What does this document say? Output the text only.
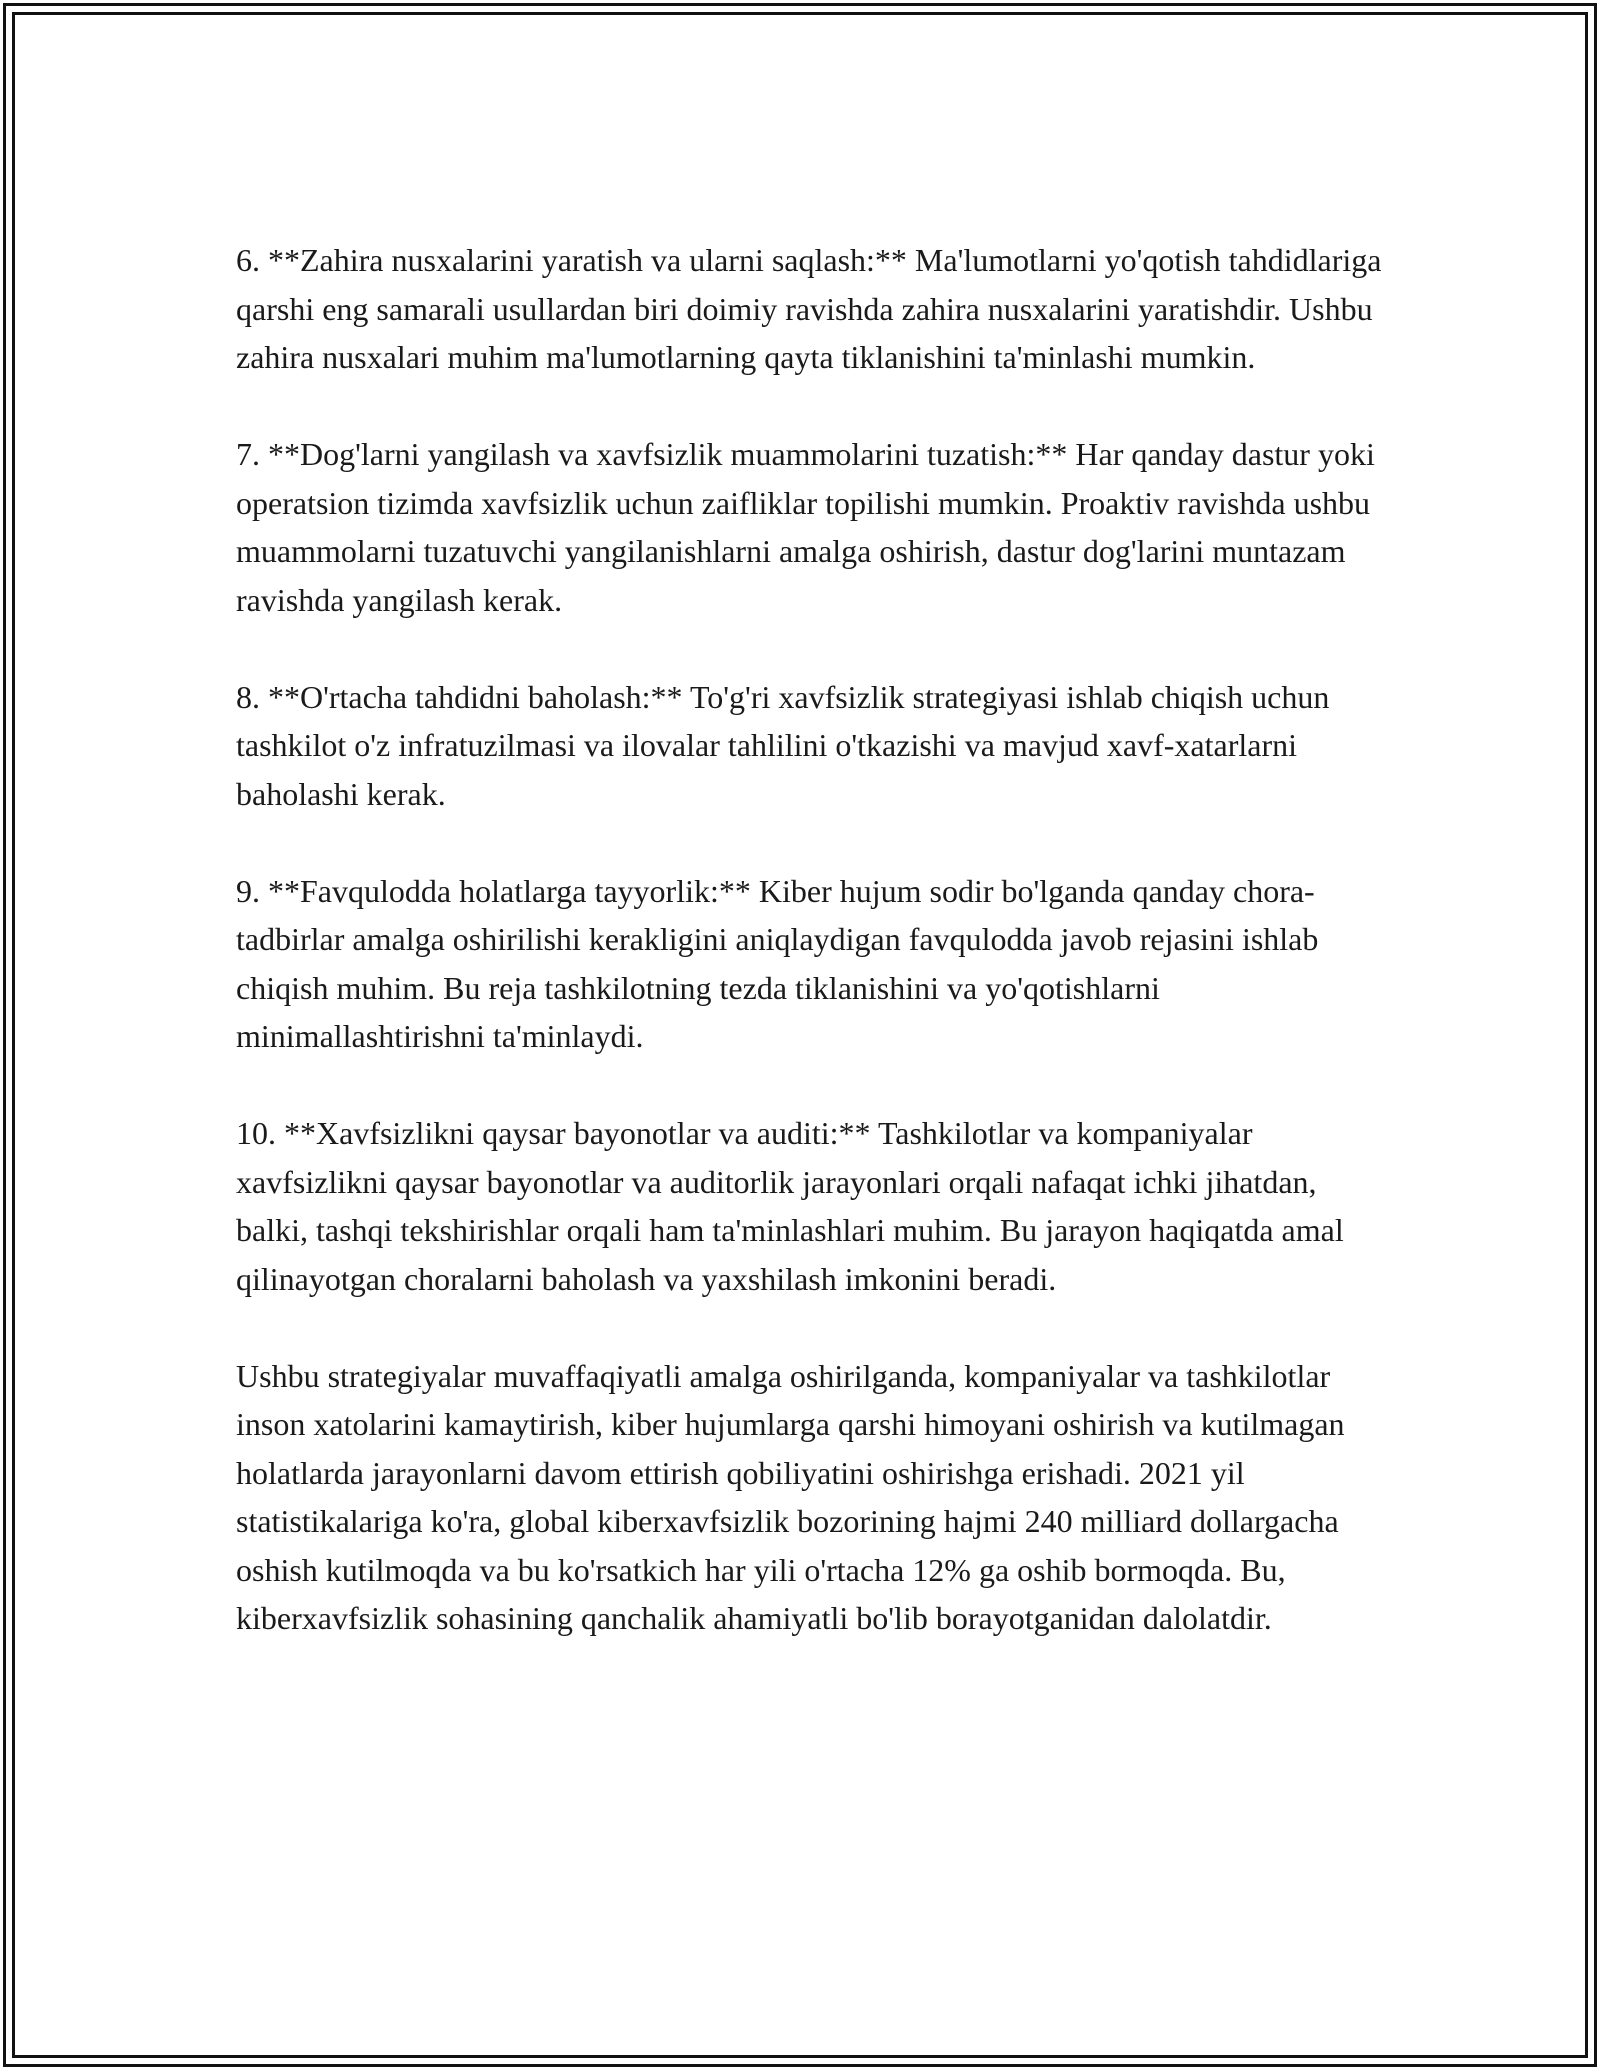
6. **Zahira nusxalarini yaratish va ularni saqlash:** Ma'lumotlarni yo'qotish tahdidlariga qarshi eng samarali usullardan biri doimiy ravishda zahira nusxalarini yaratishdir. Ushbu zahira nusxalari muhim ma'lumotlarning qayta tiklanishini ta'minlashi mumkin.

7. **Dog'larni yangilash va xavfsizlik muammolarini tuzatish:** Har qanday dastur yoki operatsion tizimda xavfsizlik uchun zaifliklar topilishi mumkin. Proaktiv ravishda ushbu muammolarni tuzatuvchi yangilanishlarni amalga oshirish, dastur dog'larini muntazam ravishda yangilash kerak.

8. **O'rtacha tahdidni baholash:** To'g'ri xavfsizlik strategiyasi ishlab chiqish uchun tashkilot o'z infratuzilmasi va ilovalar tahlilini o'tkazishi va mavjud xavf-xatarlarni baholashi kerak.

9. **Favqulodda holatlarga tayyorlik:** Kiber hujum sodir bo'lganda qanday chora-tadbirlar amalga oshirilishi kerakligini aniqlaydigan favqulodda javob rejasini ishlab chiqish muhim. Bu reja tashkilotning tezda tiklanishini va yo'qotishlarni minimallashtirishni ta'minlaydi.

10. **Xavfsizlikni qaysar bayonotlar va auditi:** Tashkilotlar va kompaniyalar xavfsizlikni qaysar bayonotlar va auditorlik jarayonlari orqali nafaqat ichki jihatdan, balki, tashqi tekshirishlar orqali ham ta'minlashlari muhim. Bu jarayon haqiqatda amal qilinayotgan choralarni baholash va yaxshilash imkonini beradi.

Ushbu strategiyalar muvaffaqiyatli amalga oshirilganda, kompaniyalar va tashkilotlar inson xatolarini kamaytirish, kiber hujumlarga qarshi himoyani oshirish va kutilmagan holatlarda jarayonlarni davom ettirish qobiliyatini oshirishga erishadi. 2021 yil statistikalariga ko'ra, global kiberxavfsizlik bozorining hajmi 240 milliard dollargacha oshish kutilmoqda va bu ko'rsatkich har yili o'rtacha 12% ga oshib bormoqda. Bu, kiberxavfsizlik sohasining qanchalik ahamiyatli bo'lib borayotganidan dalolatdir.
